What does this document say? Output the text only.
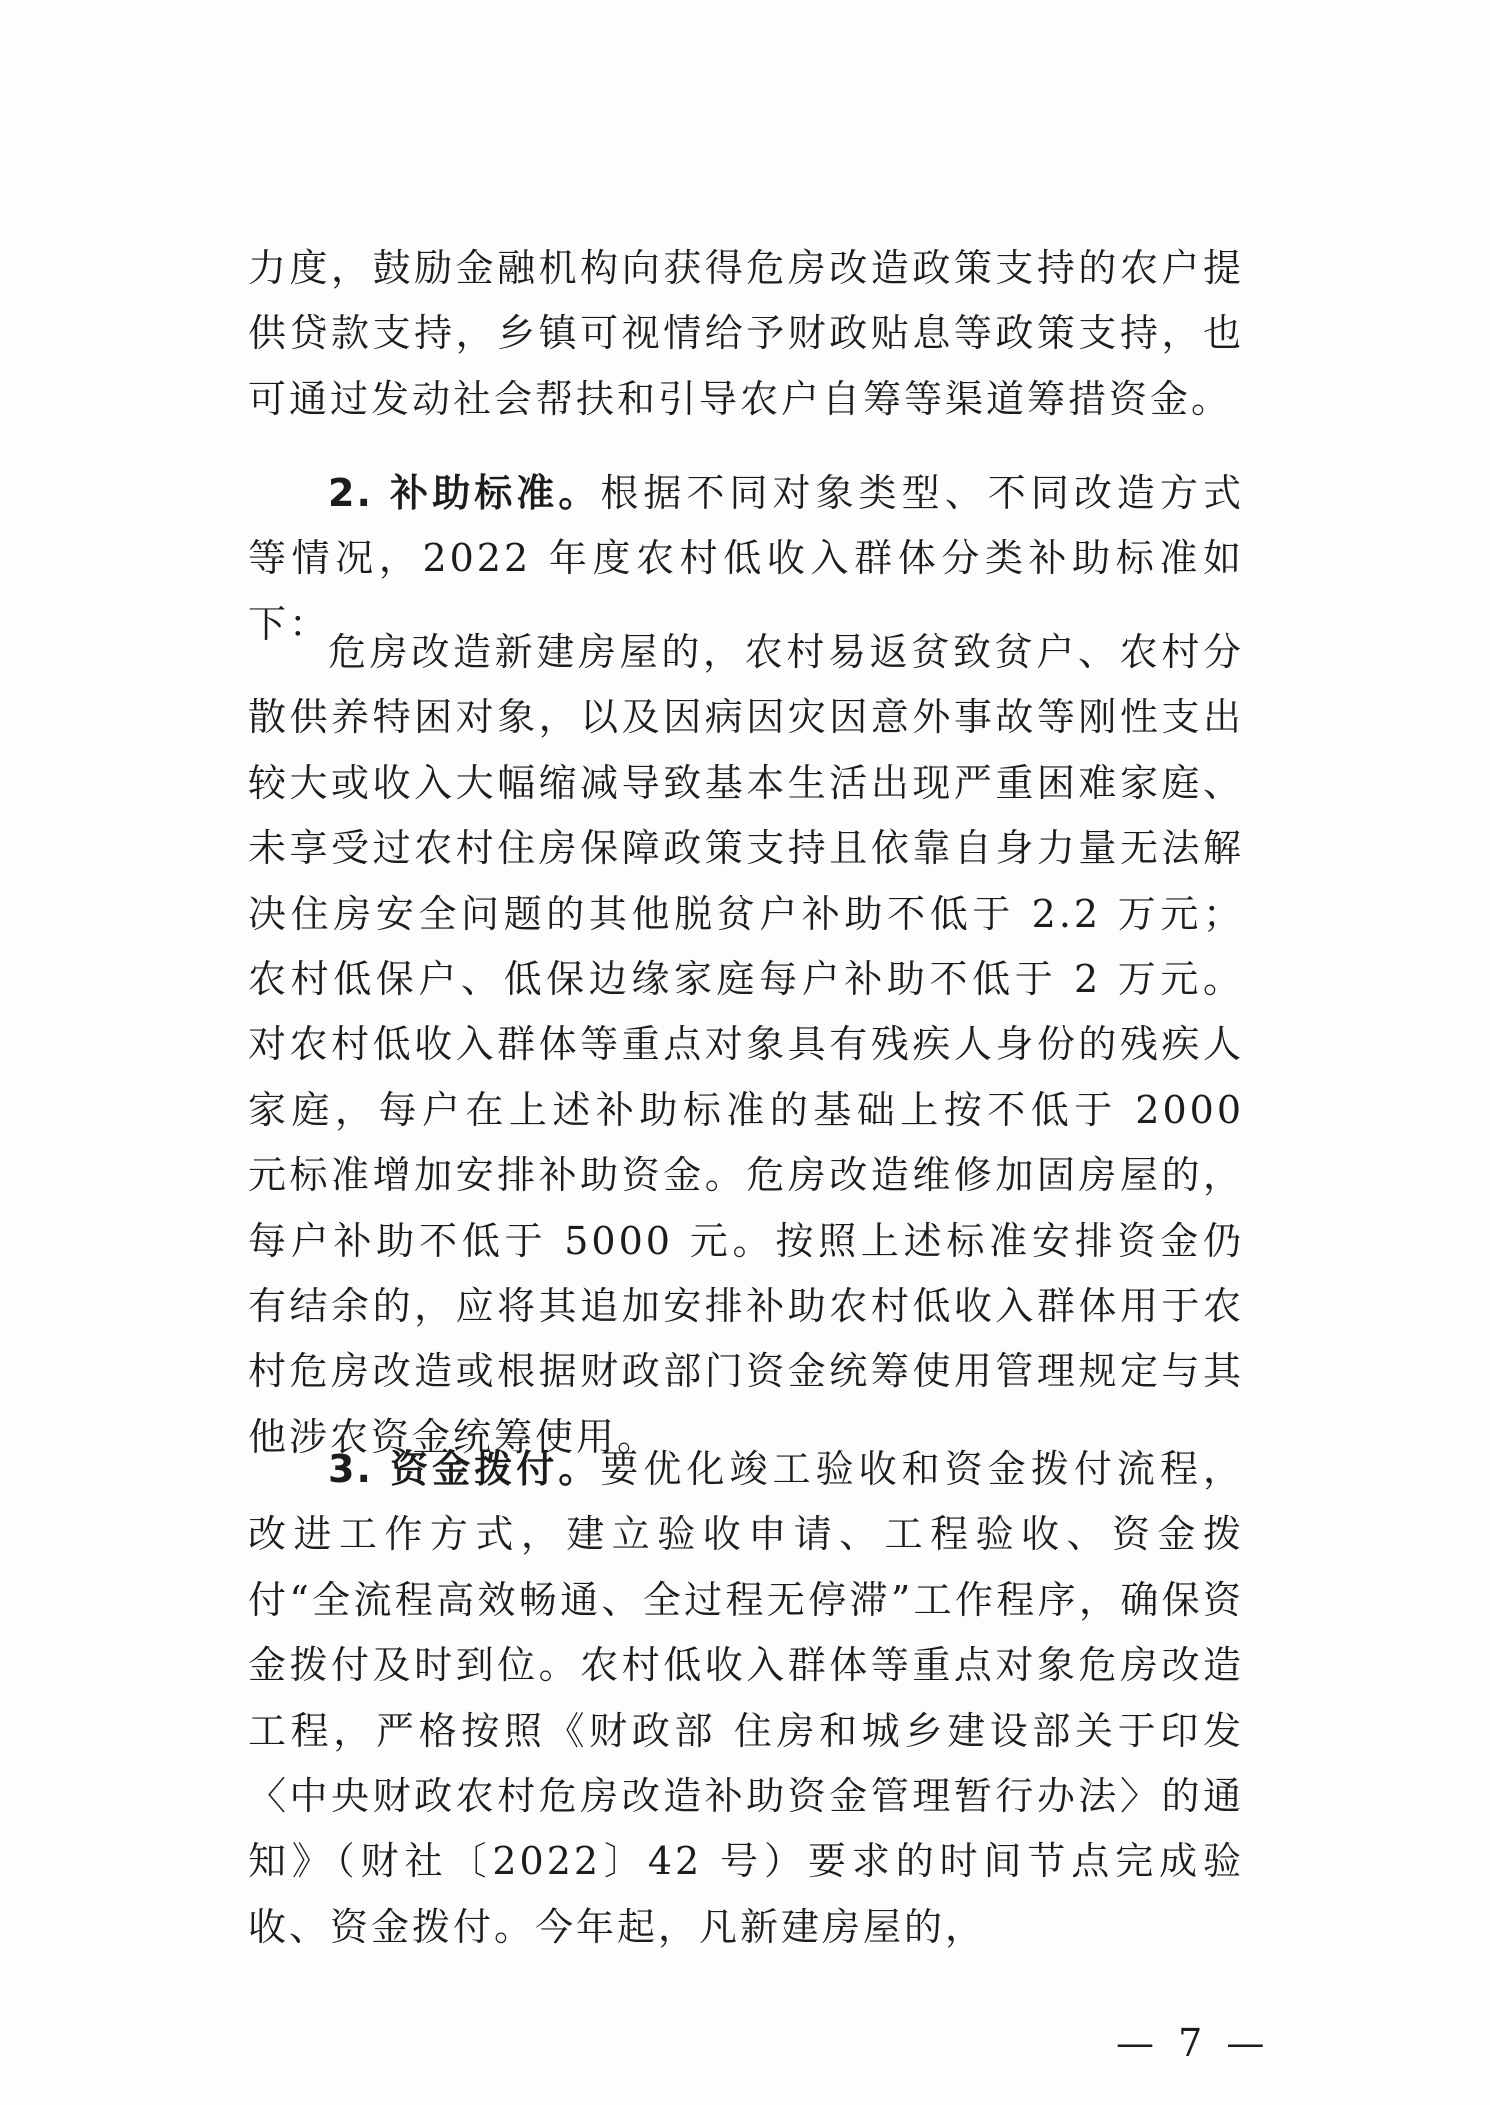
力度，鼓励金融机构向获得危房改造政策支持的农户提供贷款支持，乡镇可视情给予财政贴息等政策支持，也可通过发动社会帮扶和引导农户自筹等渠道筹措资金。

2. 补助标准。根据不同对象类型、不同改造方式等情况，2022 年度农村低收入群体分类补助标准如下：

危房改造新建房屋的，农村易返贫致贫户、农村分散供养特困对象，以及因病因灾因意外事故等刚性支出较大或收入大幅缩减导致基本生活出现严重困难家庭、未享受过农村住房保障政策支持且依靠自身力量无法解决住房安全问题的其他脱贫户补助不低于 2.2 万元；农村低保户、低保边缘家庭每户补助不低于 2 万元。对农村低收入群体等重点对象具有残疾人身份的残疾人家庭，每户在上述补助标准的基础上按不低于 2000 元标准增加安排补助资金。危房改造维修加固房屋的，每户补助不低于 5000 元。按照上述标准安排资金仍有结余的，应将其追加安排补助农村低收入群体用于农村危房改造或根据财政部门资金统筹使用管理规定与其他涉农资金统筹使用。

3. 资金拨付。要优化竣工验收和资金拨付流程，改进工作方式，建立验收申请、工程验收、资金拨付“全流程高效畅通、全过程无停滞”工作程序，确保资金拨付及时到位。农村低收入群体等重点对象危房改造工程，严格按照《财政部 住房和城乡建设部关于印发〈中央财政农村危房改造补助资金管理暂行办法〉的通知》（财社〔2022〕42 号）要求的时间节点完成验收、资金拨付。今年起，凡新建房屋的，

— 7 —
